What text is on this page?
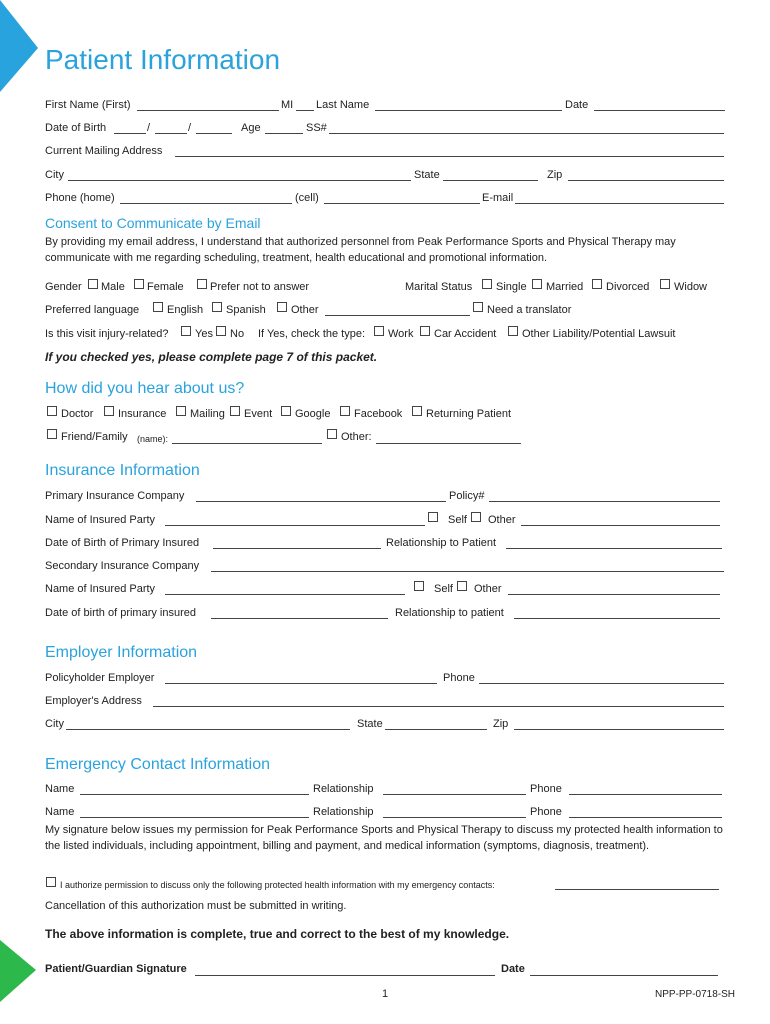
Patient Information
First Name (First)	MI Last Name	Date
Date of Birth	/	/	Age	SS#
Current Mailing Address
City	State	Zip
Phone (home)	(cell)	E-mail
Consent to Communicate by Email
By providing my email address, I understand that authorized personnel from Peak Performance Sports and Physical Therapy may communicate with me regarding scheduling, treatment, health educational and promotional information.
Gender Male Female Prefer not to answer	Marital Status Single Married Divorced Widow
Preferred language	English Spanish Other	Need a translator
Is this visit injury-related? Yes No If Yes, check the type: Work Car Accident Other Liability/Potential Lawsuit
If you checked yes, please complete page 7 of this packet.
How did you hear about us?
Doctor Insurance Mailing Event Google Facebook Returning Patient
Friend/Family (name):	Other:
Insurance Information
Primary Insurance Company	Policy#
Name of Insured Party	Self Other
Date of Birth of Primary Insured	Relationship to Patient
Secondary Insurance Company
Name of Insured Party	Self Other
Date of birth of primary insured	Relationship to patient
Employer Information
Policyholder Employer	Phone
Employer's Address
City	State	Zip
Emergency Contact Information
Name	Relationship	Phone
Name	Relationship	Phone
My signature below issues my permission for Peak Performance Sports and Physical Therapy to discuss my protected health information to the listed individuals, including appointment, billing and payment, and medical information (symptoms, diagnosis, treatment).
I authorize permission to discuss only the following protected health information with my emergency contacts:
Cancellation of this authorization must be submitted in writing.
The above information is complete, true and correct to the best of my knowledge.
Patient/Guardian Signature	Date
1	NPP-PP-0718-SH
